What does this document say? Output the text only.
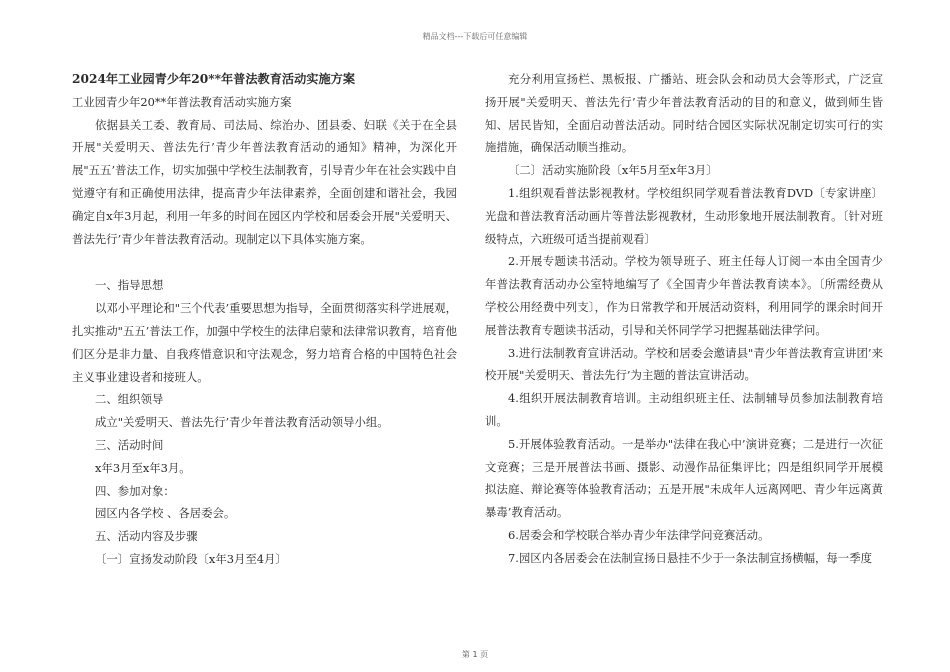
精品文档---下载后可任意编辑

2024年工业园青少年20**年普法教育活动实施方案

工业园青少年20**年普法教育活动实施方案

依据县关工委、教育局、司法局、综治办、团县委、妇联《关于在全县开展"关爱明天、普法先行’青少年普法教育活动的通知》精神，为深化开展"五五’普法工作，切实加强中学校生法制教育，引导青少年在社会实践中自觉遵守有和正确使用法律，提高青少年法律素养，全面创建和谐社会，我园确定自x年3月起，利用一年多的时间在园区内学校和居委会开展"关爱明天、普法先行’青少年普法教育活动。现制定以下具体实施方案。

一、指导思想

以邓小平理论和"三个代表’重要思想为指导，全面贯彻落实科学进展观，扎实推动"五五’普法工作，加强中学校生的法律启蒙和法律常识教育，培育他们区分是非力量、自我疼惜意识和守法观念，努力培育合格的中国特色社会主义事业建设者和接班人。

二、组织领导

成立"关爱明天、普法先行’青少年普法教育活动领导小组。

三、活动时间

x年3月至x年3月。

四、参加对象：

园区内各学校 、各居委会。

五、活动内容及步骤

〔一〕宣扬发动阶段〔x年3月至4月〕

充分利用宣扬栏、黑板报、广播站、班会队会和动员大会等形式，广泛宣扬开展"关爱明天、普法先行’青少年普法教育活动的目的和意义，做到师生皆知、居民皆知，全面启动普法活动。同时结合园区实际状况制定切实可行的实施措施，确保活动顺当推动。

〔二〕活动实施阶段〔x年5月至x年3月〕

1.组织观看普法影视教材。学校组织同学观看普法教育DVD〔专家讲座〕光盘和普法教育活动画片等普法影视教材，生动形象地开展法制教育。〔针对班级特点，六班级可适当提前观看〕

2.开展专题读书活动。学校为领导班子、班主任每人订阅一本由全国青少年普法教育活动办公室特地编写了《全国青少年普法教育读本》。〔所需经费从学校公用经费中列支〕，作为日常教学和开展活动资料，利用同学的课余时间开展普法教育专题读书活动，引导和关怀同学学习把握基础法律学问。

3.进行法制教育宣讲活动。学校和居委会邀请县"青少年普法教育宣讲团’来校开展"关爱明天、普法先行’为主题的普法宣讲活动。

4.组织开展法制教育培训。主动组织班主任、法制辅导员参加法制教育培训。

5.开展体验教育活动。一是举办"法律在我心中’演讲竞赛；二是进行一次征文竞赛；三是开展普法书画、摄影、动漫作品征集评比；四是组织同学开展模拟法庭、辩论赛等体验教育活动；五是开展"未成年人远离网吧、青少年远离黄暴毒’教育活动。

6.居委会和学校联合举办青少年法律学问竞赛活动。

7.园区内各居委会在法制宣扬日悬挂不少于一条法制宣扬横幅，每一季度

第 1 页
